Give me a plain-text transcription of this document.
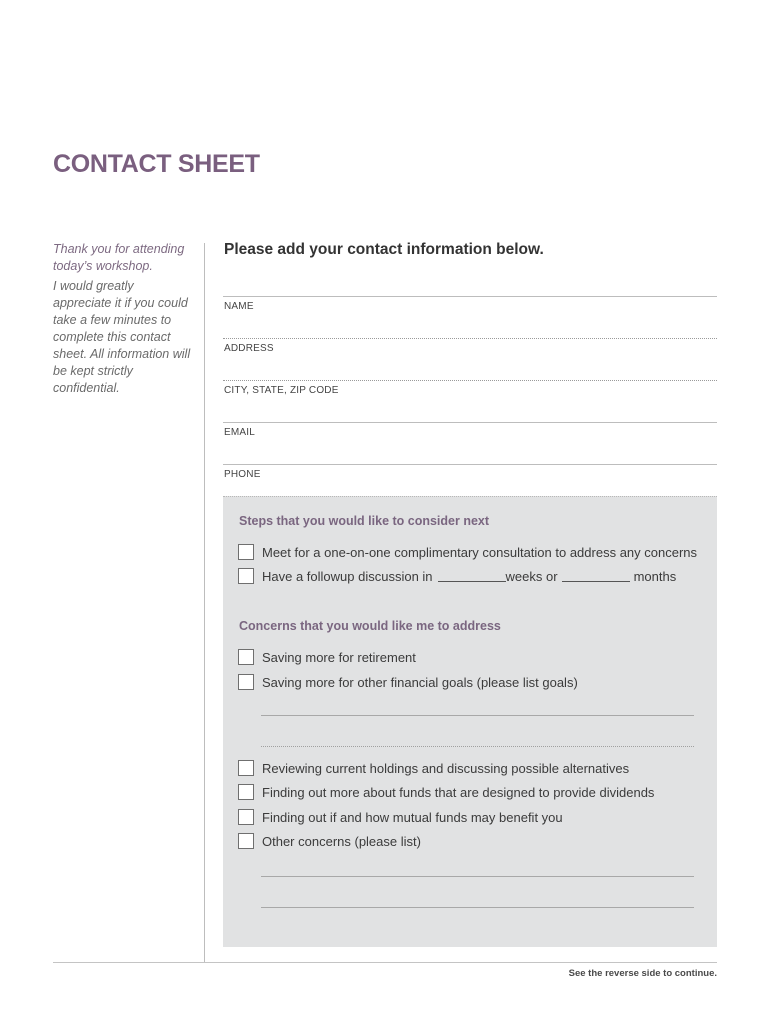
CONTACT SHEET

Thank you for attending today’s workshop.

I would greatly appreciate it if you could take a few minutes to complete this contact sheet. All information will be kept strictly confidential.

Please add your contact information below.
NAME
ADDRESS
CITY, STATE, ZIP CODE
EMAIL
PHONE
Steps that you would like to consider next
Meet for a one-on-one complimentary consultation to address any concerns
Have a followup discussion in	weeks or	months
Concerns that you would like me to address
Saving more for retirement
Saving more for other financial goals (please list goals)
Reviewing current holdings and discussing possible alternatives
Finding out more about funds that are designed to provide dividends
Finding out if and how mutual funds may benefit you
Other concerns (please list)
See the reverse side to continue.
